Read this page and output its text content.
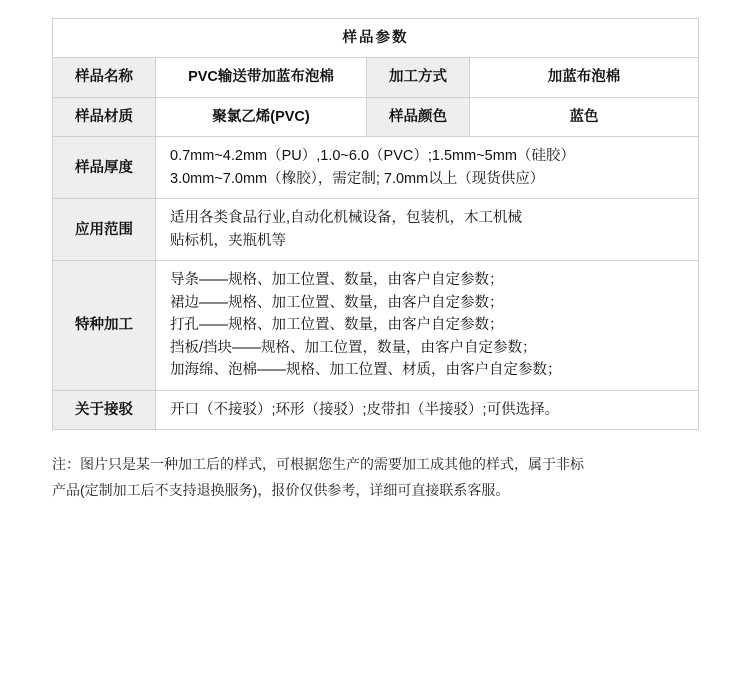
样品参数			
样品名称	PVC输送带加蓝布泡棉	加工方式	加蓝布泡棉
样品材质	聚氯乙烯(PVC)	样品颜色	蓝色
样品厚度	0.7mm~4.2mm（PU）,1.0~6.0（PVC）;1.5mm~5mm（硅胶）
3.0mm~7.0mm（橡胶），需定制; 7.0mm以上（现货供应）		

应用范围	适用各类食品行业,自动化机械设备，包装机，木工机械
贴标机，夹瓶机等		

特种加工	导条——规格、加工位置、数量，由客户自定参数；
裙边——规格、加工位置、数量，由客户自定参数；
打孔——规格、加工位置、数量，由客户自定参数；
挡板/挡块——规格、加工位置，数量，由客户自定参数；
加海绵、泡棉——规格、加工位置、材质，由客户自定参数；		

关于接驳	开口（不接驳）;环形（接驳）;皮带扣（半接驳）;可供选择。		
注：图片只是某一种加工后的样式，可根据您生产的需要加工成其他的样式，属于非标
产品(定制加工后不支持退换服务)，报价仅供参考，详细可直接联系客服。
